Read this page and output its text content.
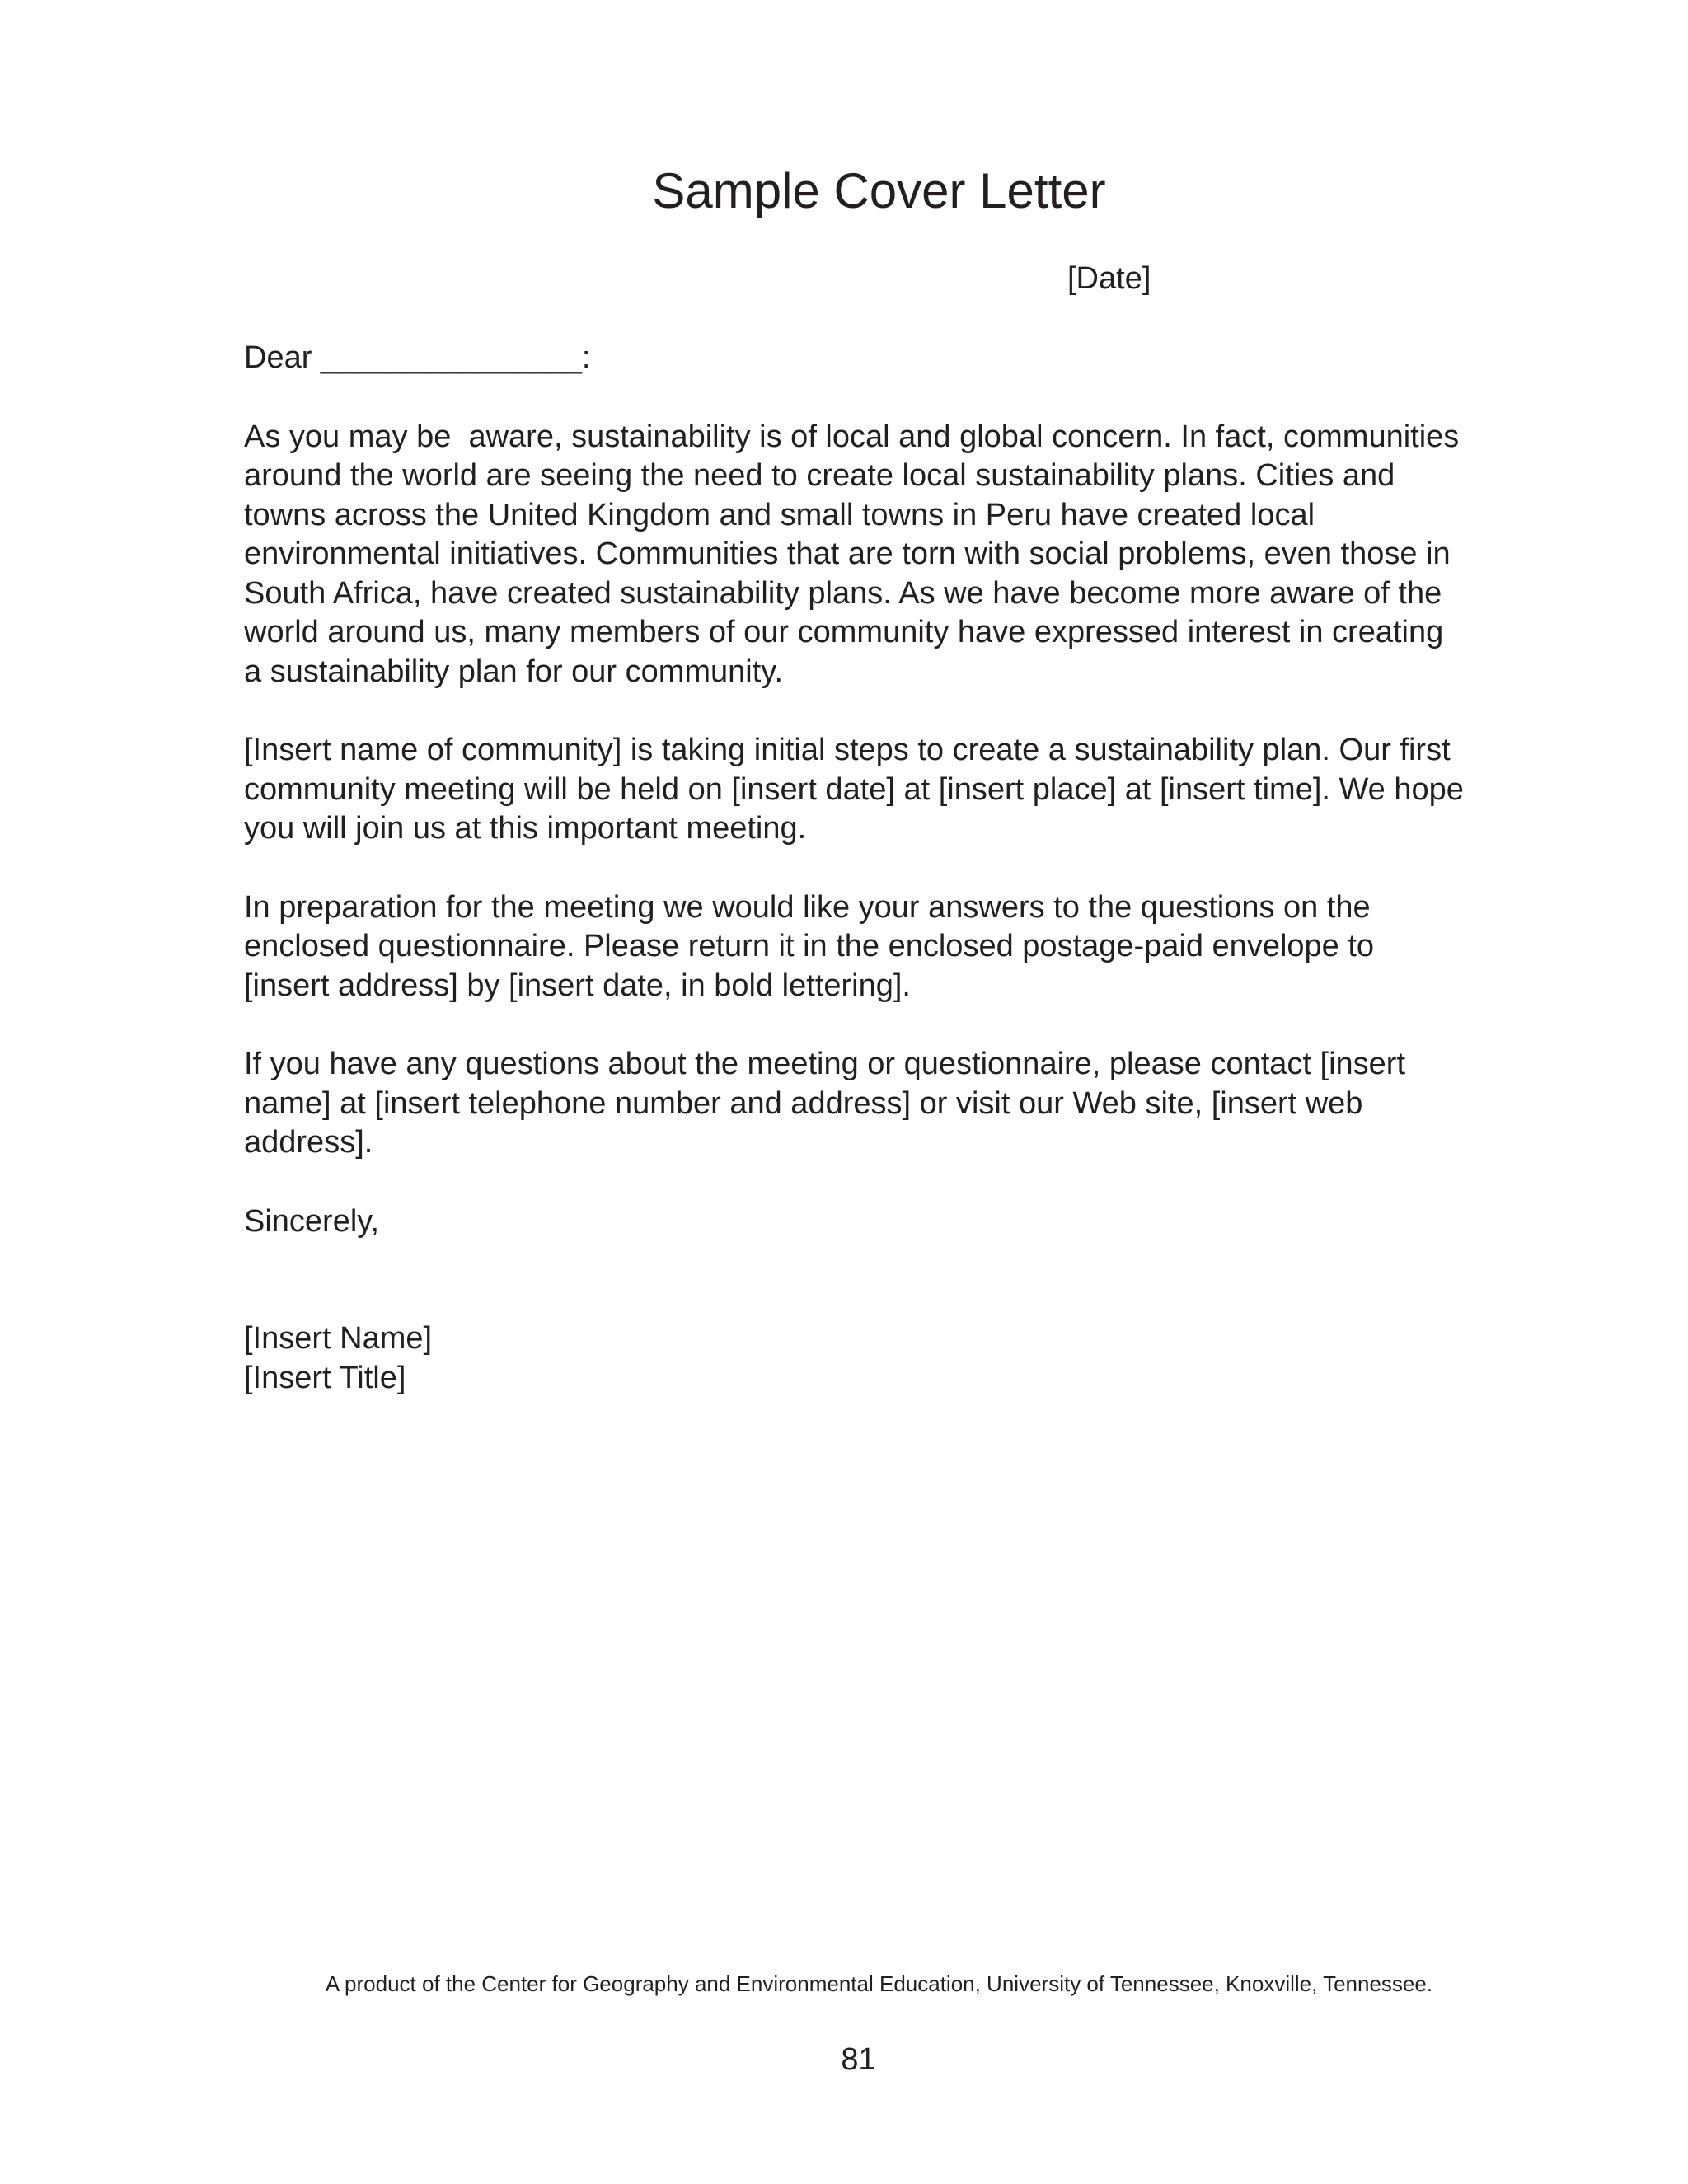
Sample Cover Letter
[Date]

Dear _______________:

As you may be  aware, sustainability is of local and global concern. In fact, communities
around the world are seeing the need to create local sustainability plans. Cities and
towns across the United Kingdom and small towns in Peru have created local
environmental initiatives. Communities that are torn with social problems, even those in
South Africa, have created sustainability plans. As we have become more aware of the
world around us, many members of our community have expressed interest in creating
a sustainability plan for our community.

[Insert name of community] is taking initial steps to create a sustainability plan. Our first
community meeting will be held on [insert date] at [insert place] at [insert time]. We hope
you will join us at this important meeting.

In preparation for the meeting we would like your answers to the questions on the
enclosed questionnaire. Please return it in the enclosed postage-paid envelope to
[insert address] by [insert date, in bold lettering].

If you have any questions about the meeting or questionnaire, please contact [insert
name] at [insert telephone number and address] or visit our Web site, [insert web
address].

Sincerely,

[Insert Name]
[Insert Title]

A product of the Center for Geography and Environmental Education, University of Tennessee, Knoxville, Tennessee.
81
